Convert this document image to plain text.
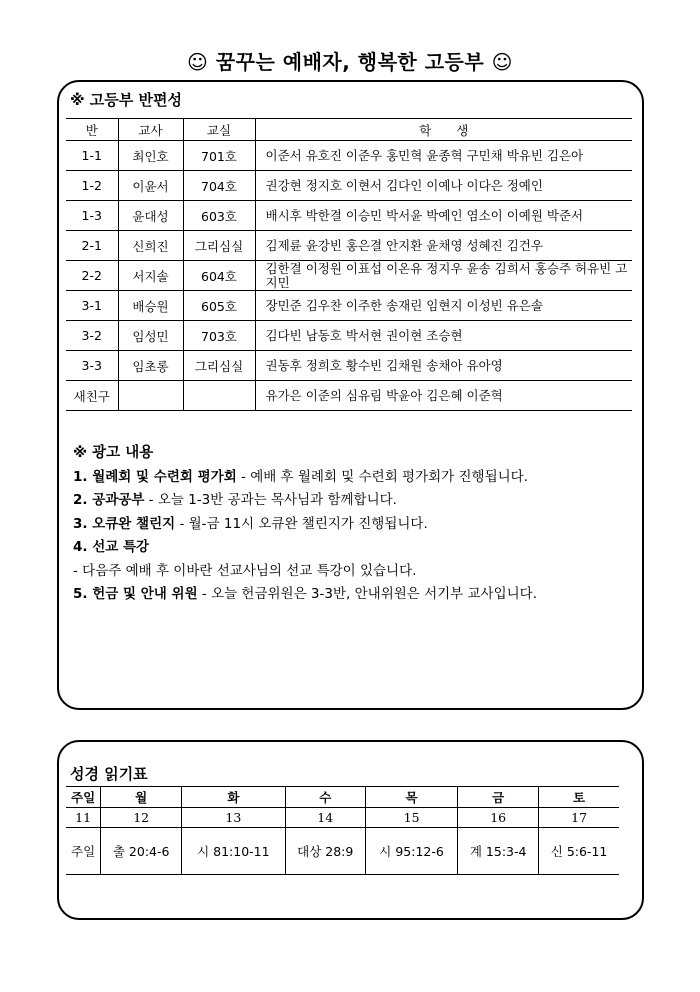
☺ 꿈꾸는 예배자, 행복한 고등부 ☺
※ 고등부 반편성
반	교사	교실	학　　생
1-1	최인호	701호	이준서 유호진 이준우 홍민혁 윤종혁 구민채 박유빈 김은아
1-2	이윤서	704호	권강현 정지호 이현서 김다인 이예나 이다은 정예인
1-3	윤대성	603호	배시후 박한결 이승민 박서윤 박예인 염소이 이예원 박준서
2-1	신희진	그리심실	김제륜 윤강빈 홍은결 안지환 윤채영 성혜진 김건우
2-2	서지솔	604호	김한결 이정원 이표섭 이온유 정지우 윤송 김희서 홍승주 허유빈 고지민
3-1	배승원	605호	장민준 김우찬 이주한 송재린 임현지 이성빈 유은솔
3-2	임성민	703호	김다빈 남동호 박서현 권이현 조승현
3-3	임초롱	그리심실	권동후 정희호 황수빈 김채원 송채아 유아영
새친구			유가은 이준의 심유림 박윤아 김은혜 이준혁
※ 광고 내용
1. 월례회 및 수련회 평가회 - 예배 후 월례회 및 수련회 평가회가 진행됩니다.
2. 공과공부 - 오늘 1-3반 공과는 목사님과 함께합니다.
3. 오큐완 챌린지 - 월-금 11시 오큐완 챌린지가 진행됩니다.
4. 선교 특강
- 다음주 예배 후 이바란 선교사님의 선교 특강이 있습니다.
5. 헌금 및 안내 위원 - 오늘 헌금위원은 3-3반, 안내위원은 서기부 교사입니다.
성경 읽기표
주일	월	화	수	목	금	토
11	12	13	14	15	16	17
주일	출 20:4-6	시 81:10-11	대상 28:9	시 95:12-6	계 15:3-4	신 5:6-11
